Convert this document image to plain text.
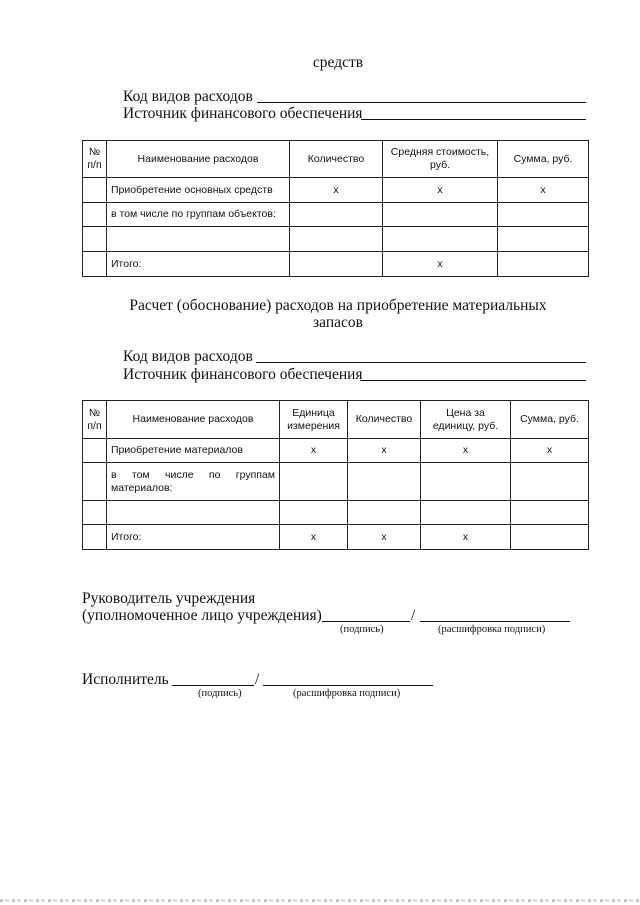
средств
Код видов расходов
Источник финансового обеспечения
№ п/п	Наименование расходов	Количество	Средняя стоимость, руб.	Сумма, руб.
	Приобретение основных средств	x	x	x
	в том числе по группам объектов:			

	Итого:		x	
Расчет (обоснование) расходов на приобретение материальных
запасов
Код видов расходов
Источник финансового обеспечения
№ п/п	Наименование расходов	Единица измерения	Количество	Цена за единицу, руб.	Сумма, руб.
	Приобретение материалов	x	x	x	x
	в том числе по группам материалов:				

	Итого:	x	x	x	
Руководитель учреждения
(уполномоченное лицо учреждения)	/
(подпись)	(расшифровка подписи)
Исполнитель	/
(подпись)	(расшифровка подписи)
